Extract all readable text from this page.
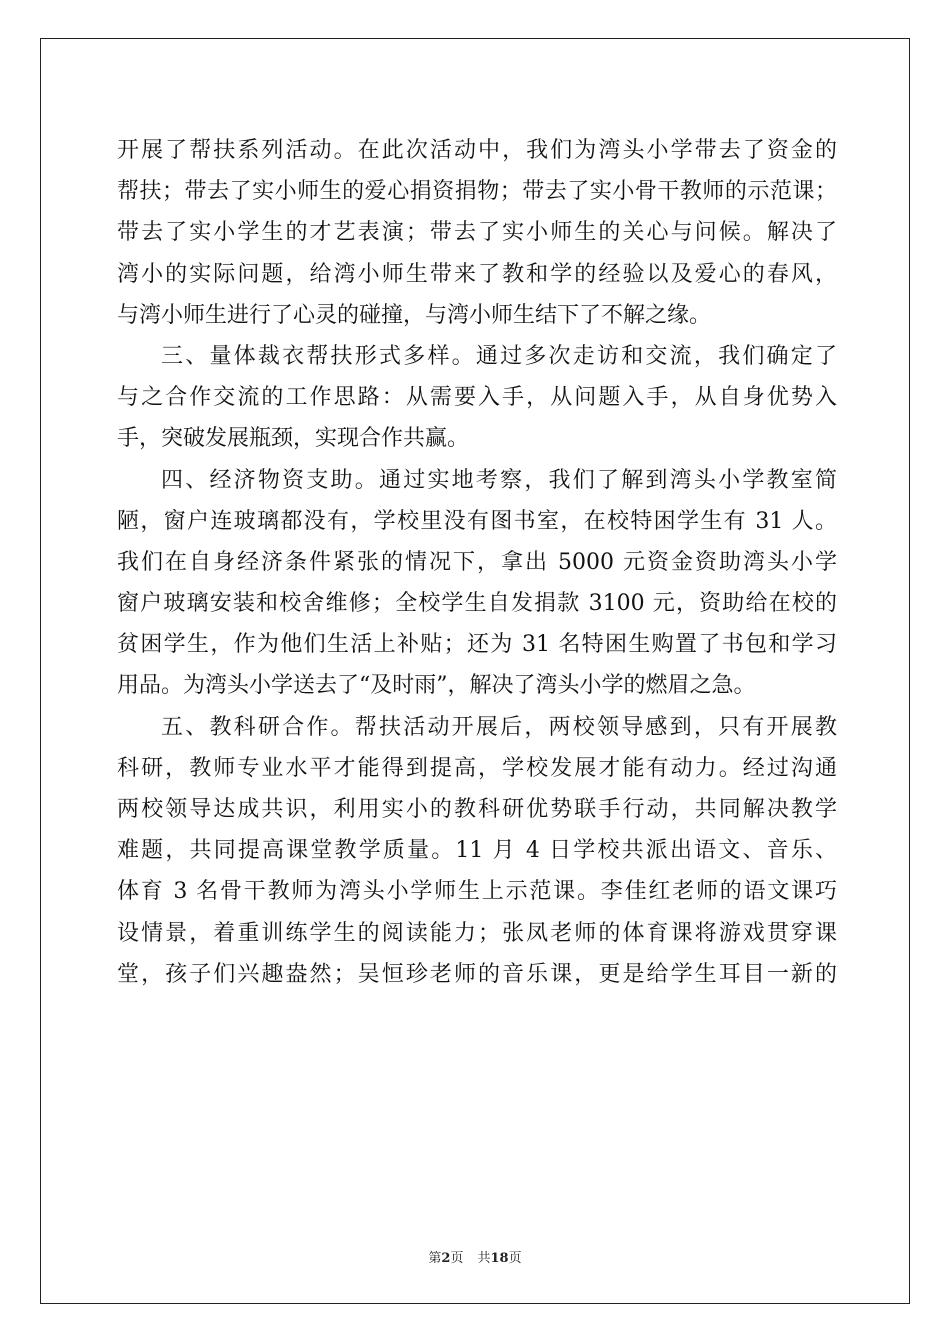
开展了帮扶系列活动。在此次活动中，我们为湾头小学带去了资金的
帮扶；带去了实小师生的爱心捐资捐物；带去了实小骨干教师的示范课；
带去了实小学生的才艺表演；带去了实小师生的关心与问候。解决了
湾小的实际问题，给湾小师生带来了教和学的经验以及爱心的春风，
与湾小师生进行了心灵的碰撞，与湾小师生结下了不解之缘。
三、量体裁衣帮扶形式多样。通过多次走访和交流，我们确定了
与之合作交流的工作思路：从需要入手，从问题入手，从自身优势入
手，突破发展瓶颈，实现合作共赢。
四、经济物资支助。通过实地考察，我们了解到湾头小学教室简
陋，窗户连玻璃都没有，学校里没有图书室，在校特困学生有 31 人。
我们在自身经济条件紧张的情况下，拿出 5000 元资金资助湾头小学
窗户玻璃安装和校舍维修；全校学生自发捐款 3100 元，资助给在校的
贫困学生，作为他们生活上补贴；还为 31 名特困生购置了书包和学习
用品。为湾头小学送去了“及时雨”，解决了湾头小学的燃眉之急。
五、教科研合作。帮扶活动开展后，两校领导感到，只有开展教
科研，教师专业水平才能得到提高，学校发展才能有动力。经过沟通
两校领导达成共识，利用实小的教科研优势联手行动，共同解决教学
难题，共同提高课堂教学质量。11 月 4 日学校共派出语文、音乐、
体育 3 名骨干教师为湾头小学师生上示范课。李佳红老师的语文课巧
设情景，着重训练学生的阅读能力；张凤老师的体育课将游戏贯穿课
堂，孩子们兴趣盎然；吴恒珍老师的音乐课，更是给学生耳目一新的
第2页 共18页
